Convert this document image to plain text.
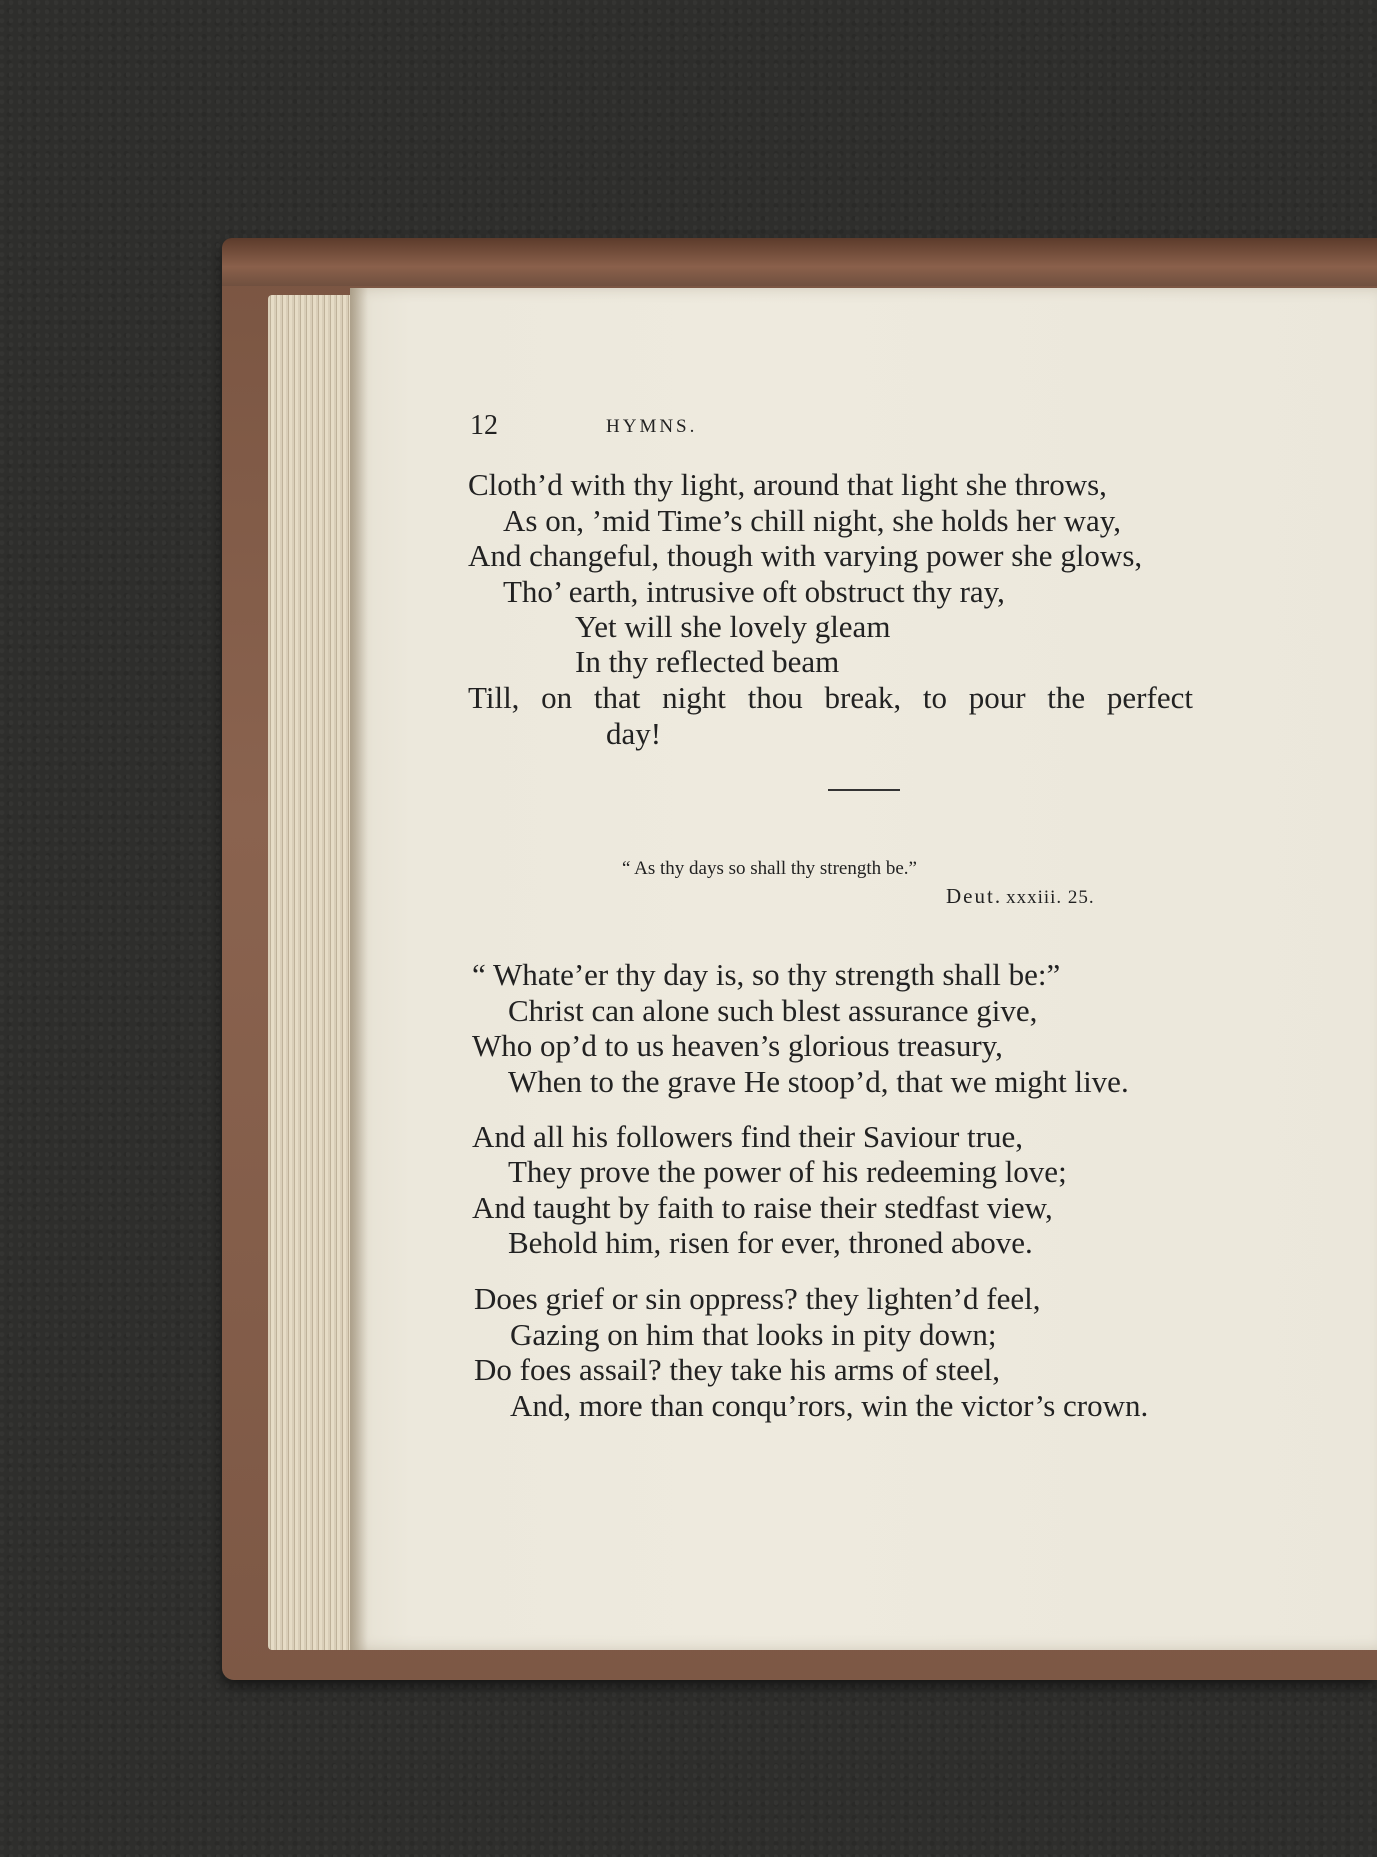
12	HYMNS.
Cloth’d with thy light, around that light she throws,
As on, ’mid Time’s chill night, she holds her way,
And changeful, though with varying power she glows,
Tho’ earth, intrusive oft obstruct thy ray,
Yet will she lovely gleam
In thy reflected beam
Till, on that night thou break, to pour the perfect
day!
“ As thy days so shall thy strength be.”
Deut. xxxiii. 25.
“ Whate’er thy day is, so thy strength shall be:”
Christ can alone such blest assurance give,
Who op’d to us heaven’s glorious treasury,
When to the grave He stoop’d, that we might live.
And all his followers find their Saviour true,
They prove the power of his redeeming love;
And taught by faith to raise their stedfast view,
Behold him, risen for ever, throned above.
Does grief or sin oppress? they lighten’d feel,
Gazing on him that looks in pity down;
Do foes assail? they take his arms of steel,
And, more than conqu’rors, win the victor’s crown.
